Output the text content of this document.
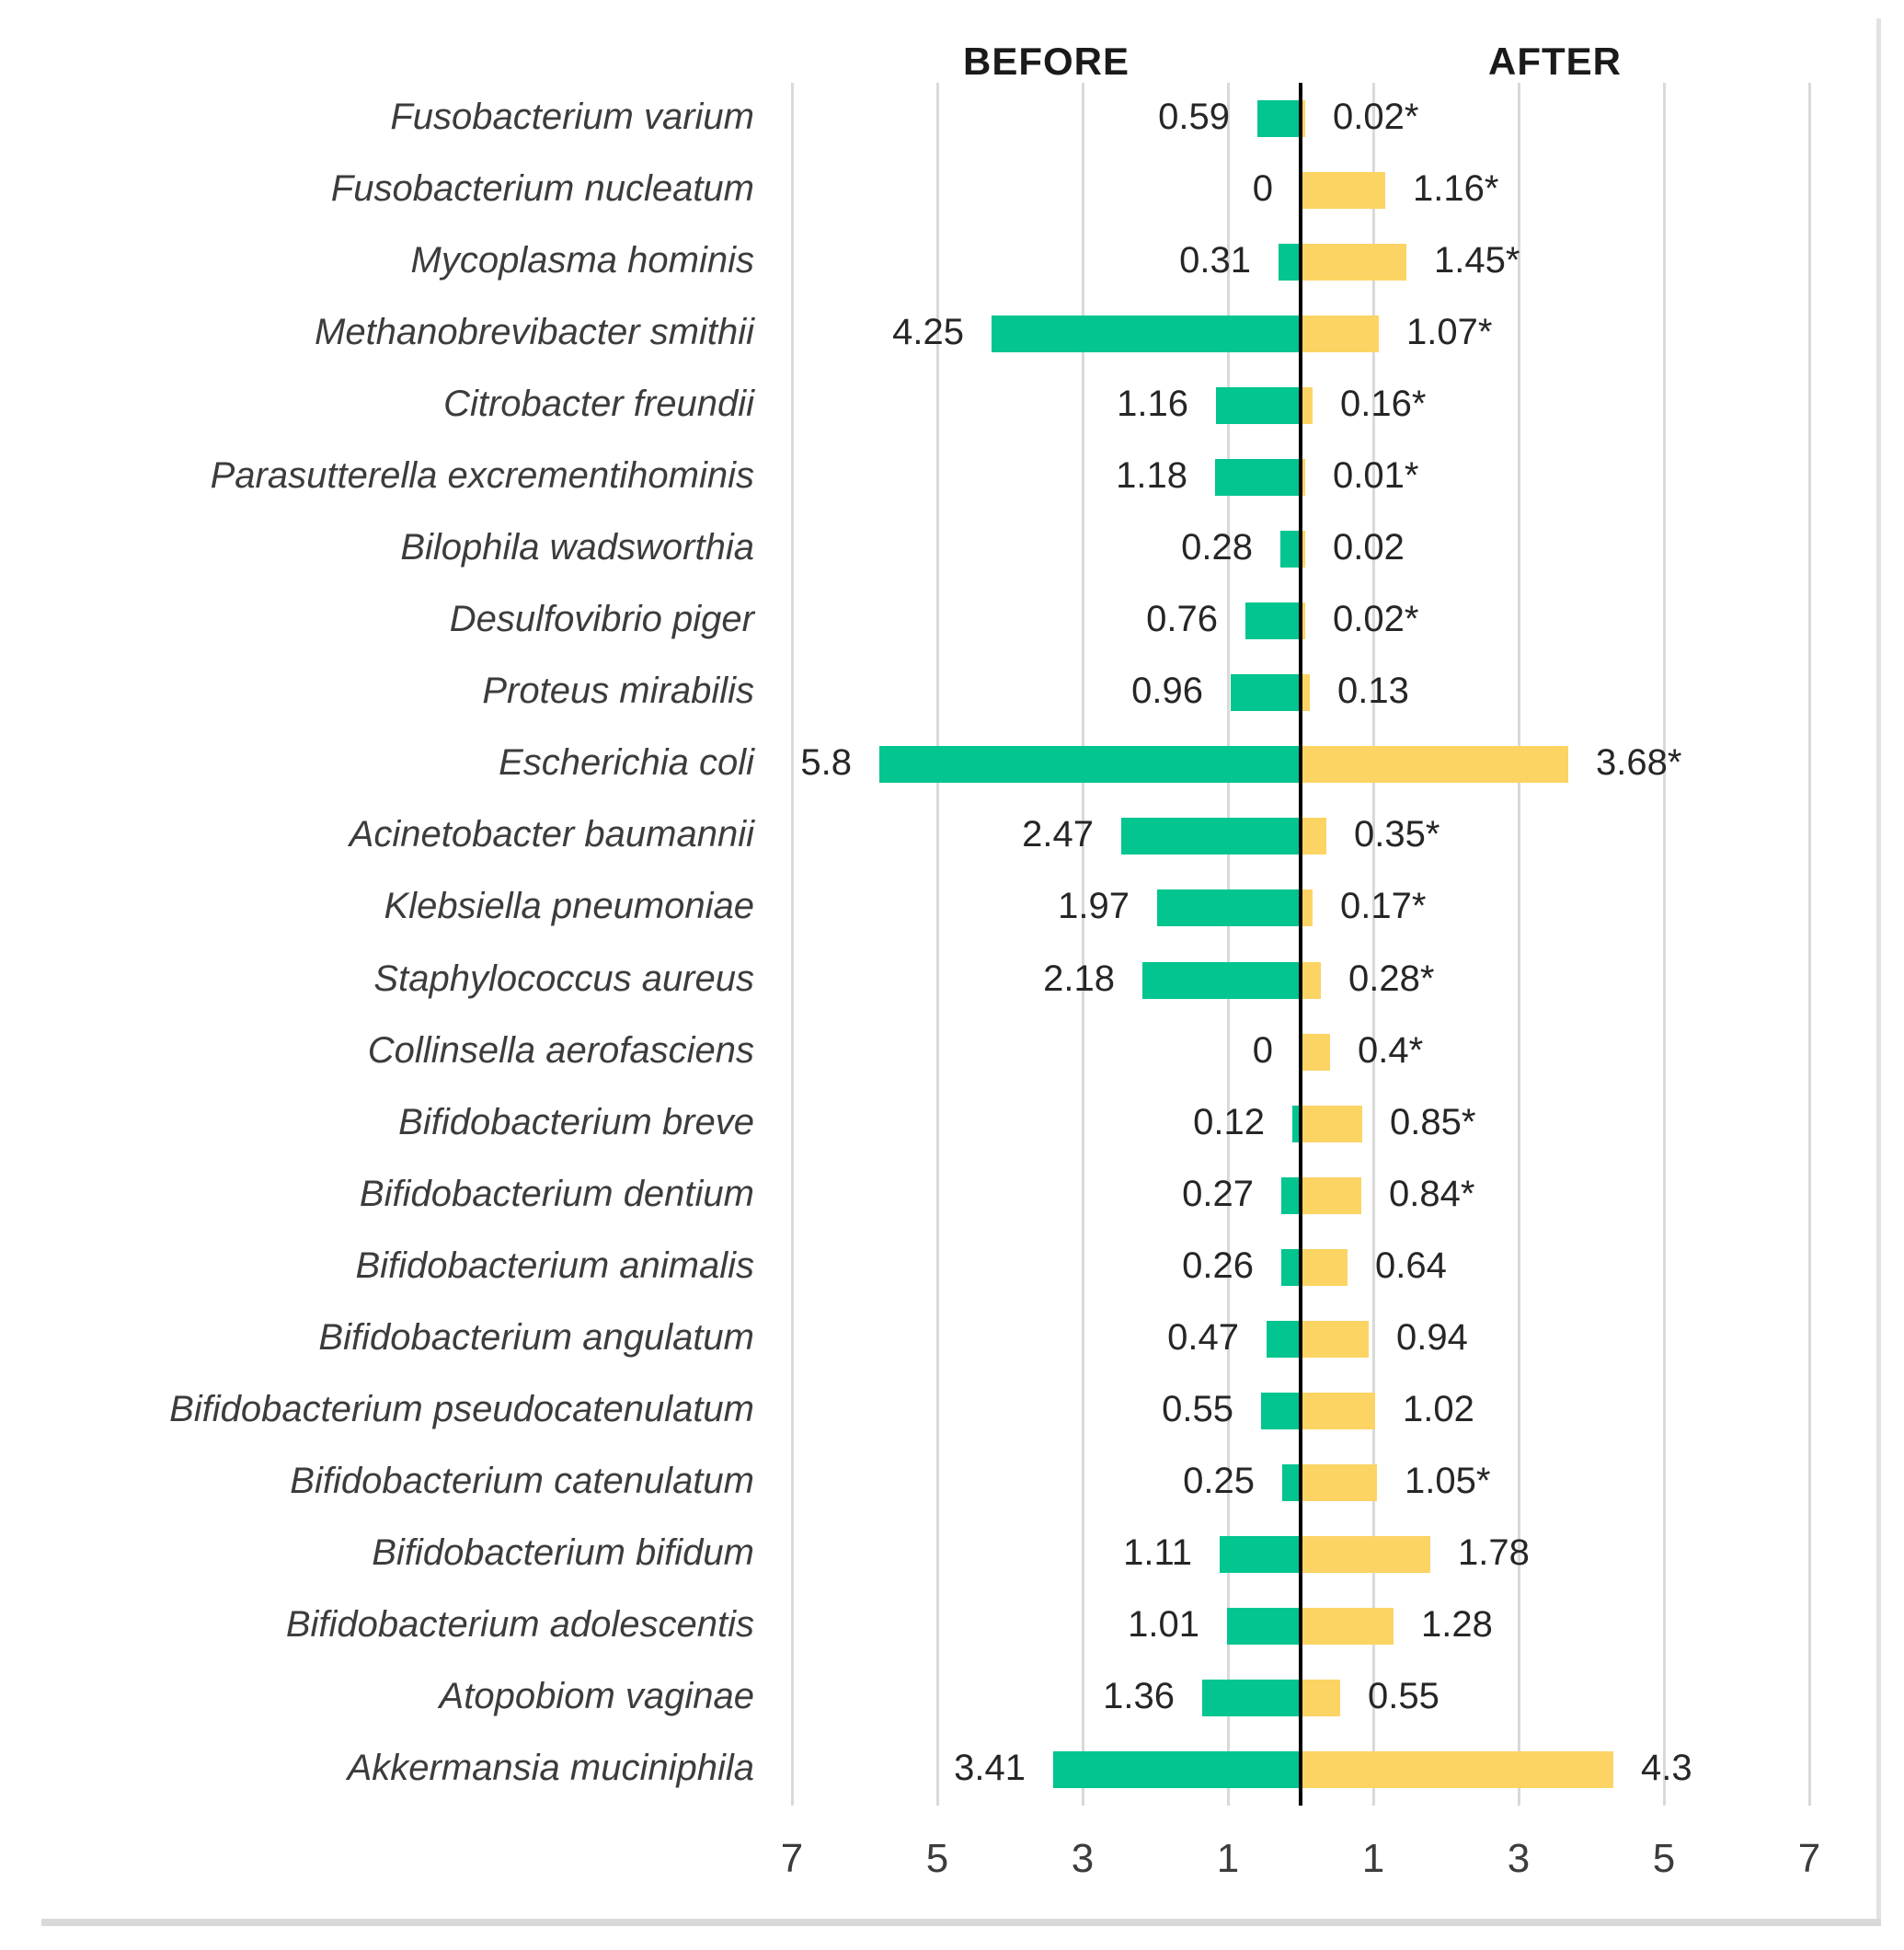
BEFORE	AFTER
7	5	3	1	1	3	5	7
Fusobacterium varium	0.59	0.02*
Fusobacterium nucleatum	0	1.16*
Mycoplasma hominis	0.31	1.45*
Methanobrevibacter smithii	4.25	1.07*
Citrobacter freundii	1.16	0.16*
Parasutterella excrementihominis	1.18	0.01*
Bilophila wadsworthia	0.28 0.02
Desulfovibrio piger	0.76	0.02*
Proteus mirabilis	0.96	0.13
Escherichia coli	5.8	3.68*
Acinetobacter baumannii	2.47	0.35*
Klebsiella pneumoniae	1.97	0.17*
Staphylococcus aureus	2.18	0.28*
Collinsella aerofasciens	0 0.4*
Bifidobacterium breve	0.12	0.85*
Bifidobacterium dentium	0.27	0.84*
Bifidobacterium animalis	0.26	0.64
Bifidobacterium angulatum	0.47	0.94
Bifidobacterium pseudocatenulatum	0.55	1.02
Bifidobacterium catenulatum	0.25	1.05*
Bifidobacterium bifidum	1.11	1.78
Bifidobacterium adolescentis	1.01	1.28
Atopobiom vaginae	1.36	0.55
Akkermansia muciniphila	3.41	4.3
